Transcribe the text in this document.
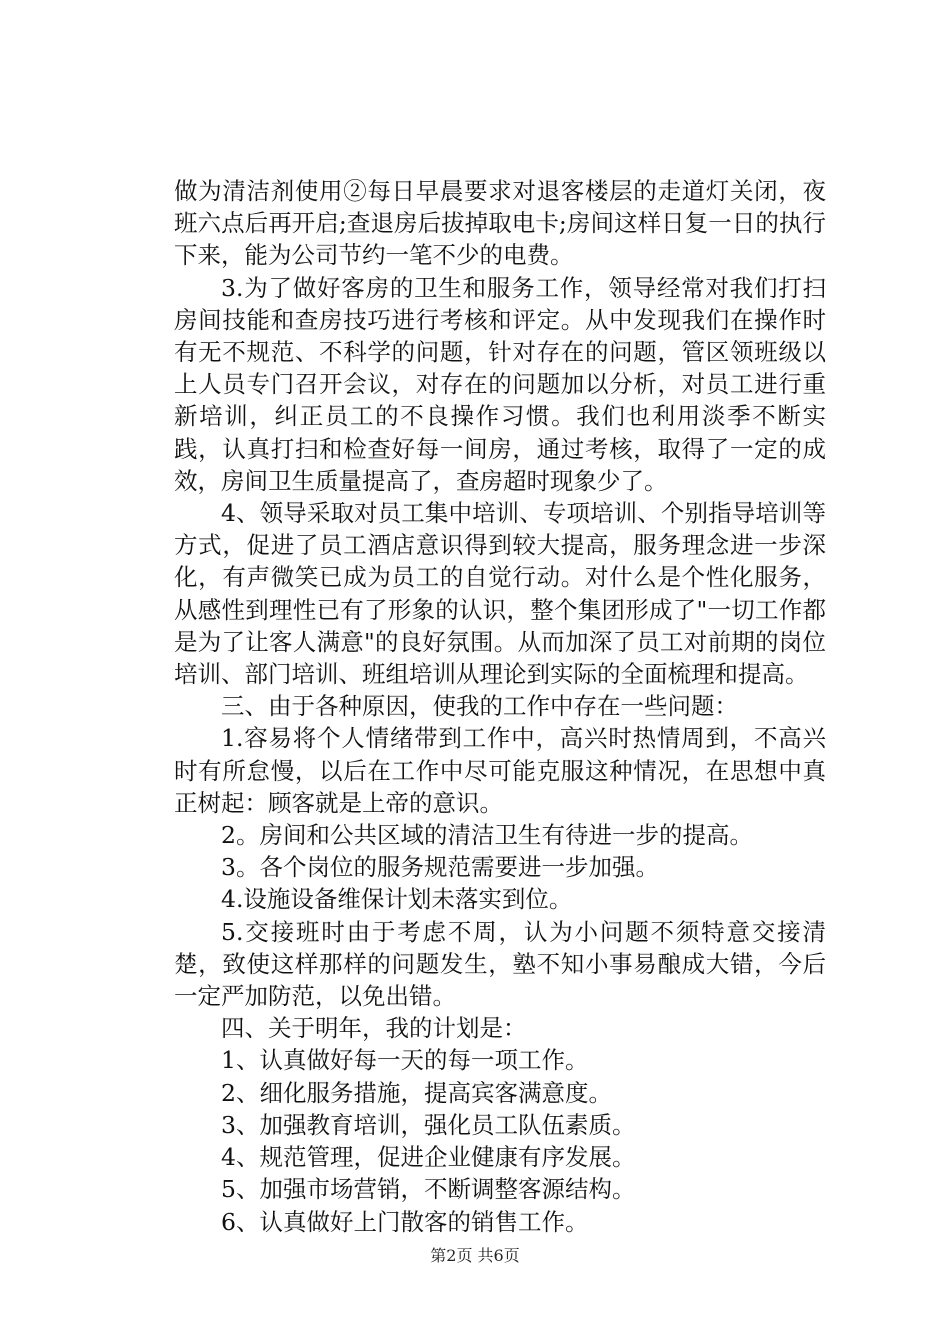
做为清洁剂使用②每日早晨要求对退客楼层的走道灯关闭，夜班六点后再开启;查退房后拔掉取电卡;房间这样日复一日的执行下来，能为公司节约一笔不少的电费。

3.为了做好客房的卫生和服务工作，领导经常对我们打扫房间技能和查房技巧进行考核和评定。从中发现我们在操作时有无不规范、不科学的问题，针对存在的问题，管区领班级以上人员专门召开会议，对存在的问题加以分析，对员工进行重新培训，纠正员工的不良操作习惯。我们也利用淡季不断实践，认真打扫和检查好每一间房，通过考核，取得了一定的成效，房间卫生质量提高了，查房超时现象少了。

4、领导采取对员工集中培训、专项培训、个别指导培训等方式，促进了员工酒店意识得到较大提高，服务理念进一步深化，有声微笑已成为员工的自觉行动。对什么是个性化服务，从感性到理性已有了形象的认识，整个集团形成了"一切工作都是为了让客人满意"的良好氛围。从而加深了员工对前期的岗位培训、部门培训、班组培训从理论到实际的全面梳理和提高。

三、由于各种原因，使我的工作中存在一些问题：

1.容易将个人情绪带到工作中，高兴时热情周到，不高兴时有所怠慢，以后在工作中尽可能克服这种情况，在思想中真正树起：顾客就是上帝的意识。

2。房间和公共区域的清洁卫生有待进一步的提高。

3。各个岗位的服务规范需要进一步加强。

4.设施设备维保计划未落实到位。

5.交接班时由于考虑不周，认为小问题不须特意交接清楚，致使这样那样的问题发生，塾不知小事易酿成大错，今后一定严加防范，以免出错。

四、关于明年，我的计划是：

1、认真做好每一天的每一项工作。

2、细化服务措施，提高宾客满意度。

3、加强教育培训，强化员工队伍素质。

4、规范管理，促进企业健康有序发展。

5、加强市场营销，不断调整客源结构。

6、认真做好上门散客的销售工作。

第2页 共6页
